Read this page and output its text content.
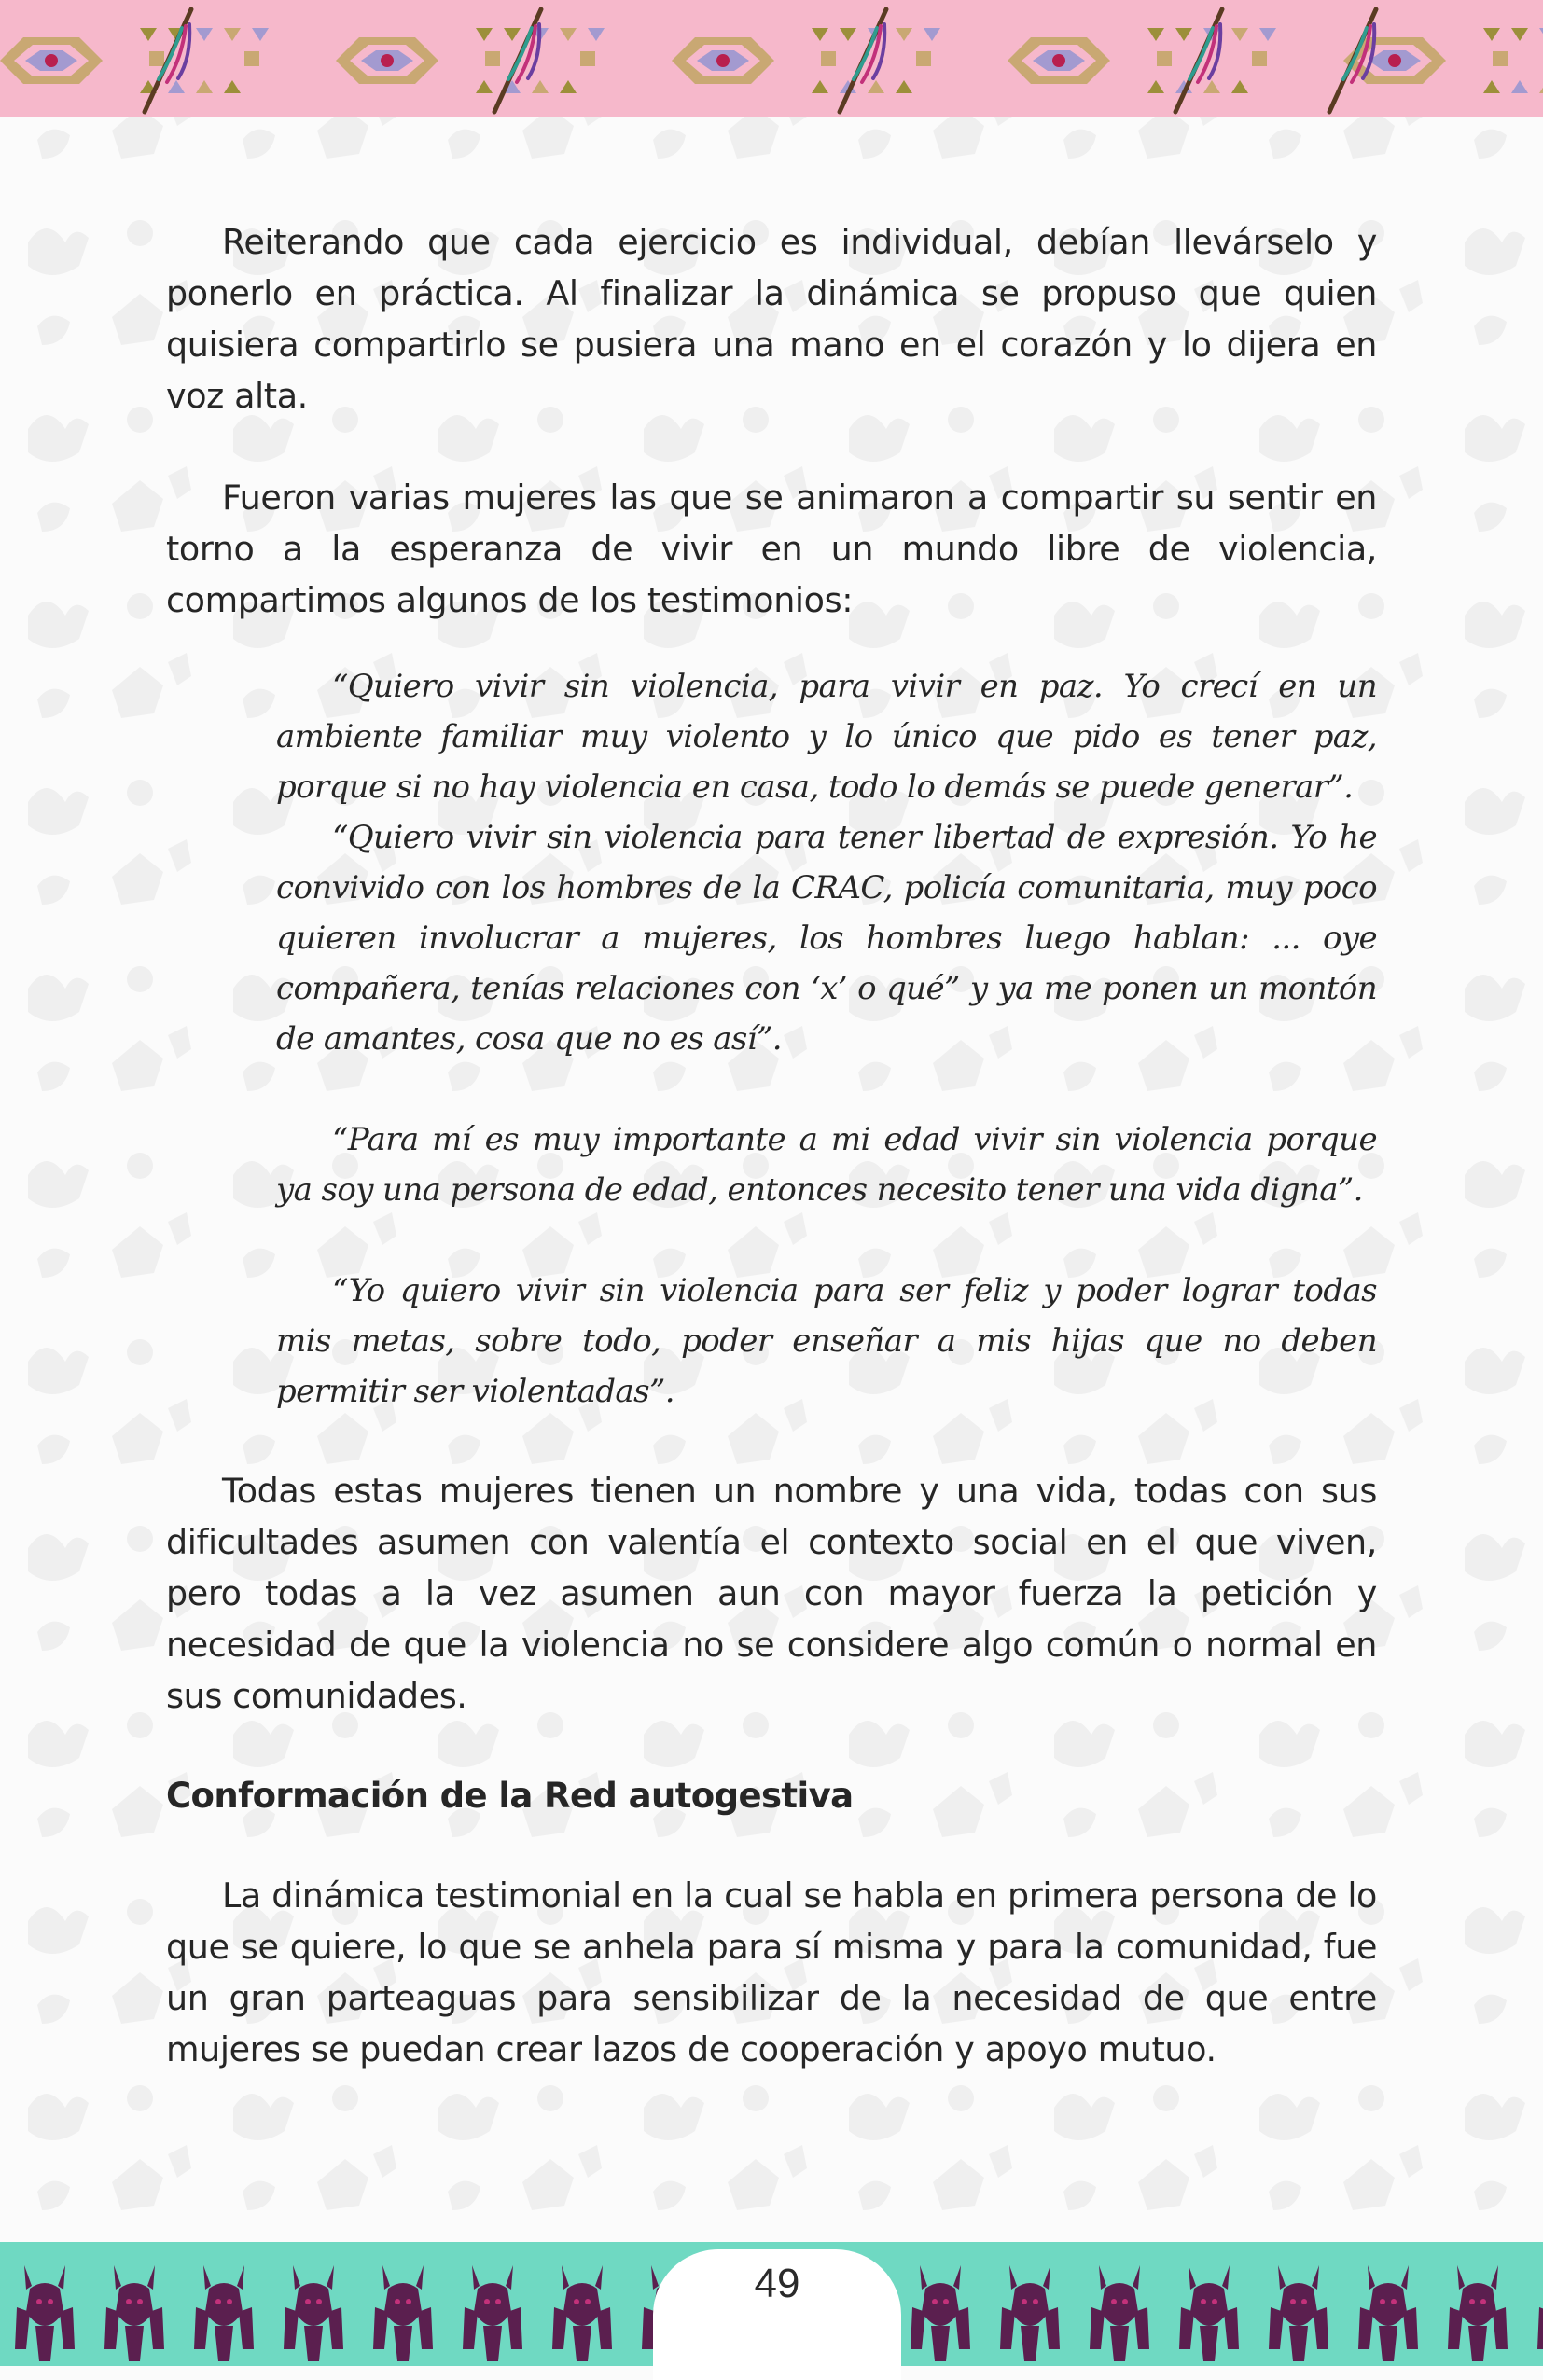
49

Reiterando que cada ejercicio es individual, debían llevárselo y ponerlo en práctica. Al finalizar la dinámica se propuso que quien quisiera compartirlo se pusiera una mano en el corazón y lo dijera en voz alta.

Fueron varias mujeres las que se animaron a compartir su sentir en torno a la esperanza de vivir en un mundo libre de violencia, compartimos algunos de los testimonios:

“Quiero vivir sin violencia, para vivir en paz. Yo crecí en un ambiente familiar muy violento y lo único que pido es tener paz, porque si no hay violencia en casa, todo lo demás se puede generar”.

“Quiero vivir sin violencia para tener libertad de expresión. Yo he convivido con los hombres de la CRAC, policía comunitaria, muy poco quieren involucrar a mujeres, los hombres luego hablan: ... oye compañera, tenías relaciones con ‘x’ o qué” y ya me ponen un montón de amantes, cosa que no es así”.

“Para mí es muy importante a mi edad vivir sin violencia porque ya soy una persona de edad, entonces necesito tener una vida digna”.

“Yo quiero vivir sin violencia para ser feliz y poder lograr todas mis metas, sobre todo, poder enseñar a mis hijas que no deben permitir ser violentadas”.

Todas estas mujeres tienen un nombre y una vida, todas con sus dificultades asumen con valentía el contexto social en el que viven, pero todas a la vez asumen aun con mayor fuerza la petición y necesidad de que la violencia no se considere algo común o normal en sus comunidades.

Conformación de la Red autogestiva

La dinámica testimonial en la cual se habla en primera persona de lo que se quiere, lo que se anhela para sí misma y para la comunidad, fue un gran parteaguas para sensibilizar de la necesidad de que entre mujeres se puedan crear lazos de cooperación y apoyo mutuo.
